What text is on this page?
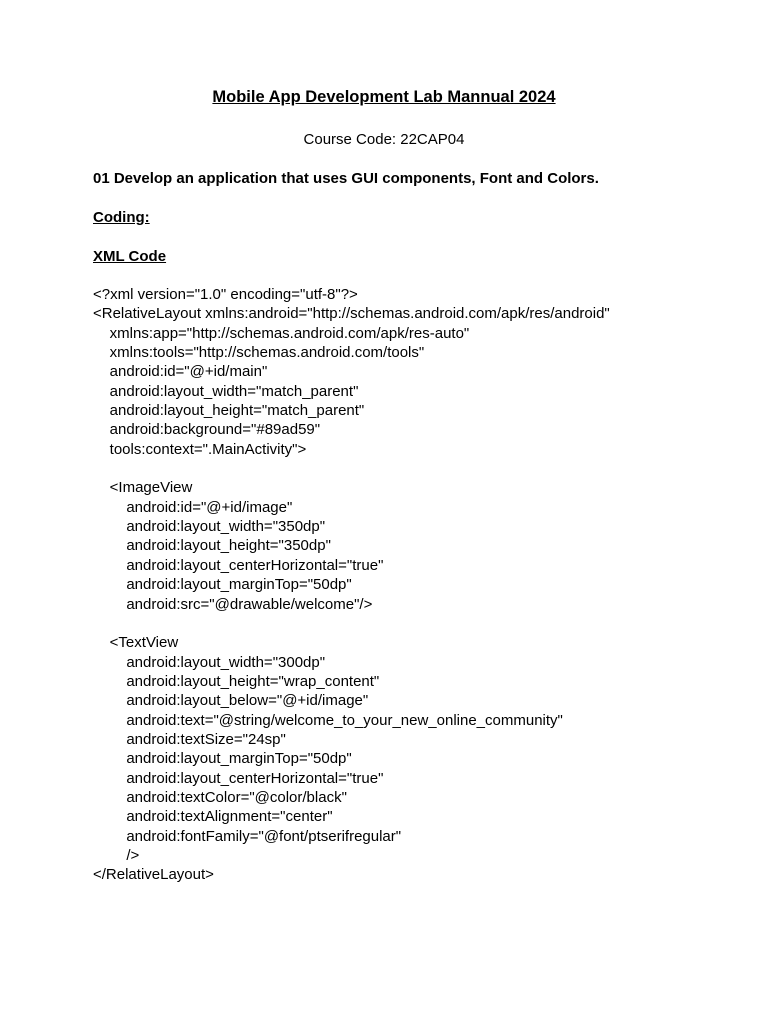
Mobile App Development Lab Mannual 2024
Course Code: 22CAP04
01 Develop an application that uses GUI components, Font and Colors.
Coding:
XML Code
<?xml version="1.0" encoding="utf-8"?>
<RelativeLayout xmlns:android="http://schemas.android.com/apk/res/android"
xmlns:app="http://schemas.android.com/apk/res-auto"
xmlns:tools="http://schemas.android.com/tools"
android:id="@+id/main"
android:layout_width="match_parent"
android:layout_height="match_parent"
android:background="#89ad59"
tools:context=".MainActivity">
<ImageView
android:id="@+id/image"
android:layout_width="350dp"
android:layout_height="350dp"
android:layout_centerHorizontal="true"
android:layout_marginTop="50dp"
android:src="@drawable/welcome"/>
<TextView
android:layout_width="300dp"
android:layout_height="wrap_content"
android:layout_below="@+id/image"
android:text="@string/welcome_to_your_new_online_community"
android:textSize="24sp"
android:layout_marginTop="50dp"
android:layout_centerHorizontal="true"
android:textColor="@color/black"
android:textAlignment="center"
android:fontFamily="@font/ptserifregular"
/>
</RelativeLayout>
